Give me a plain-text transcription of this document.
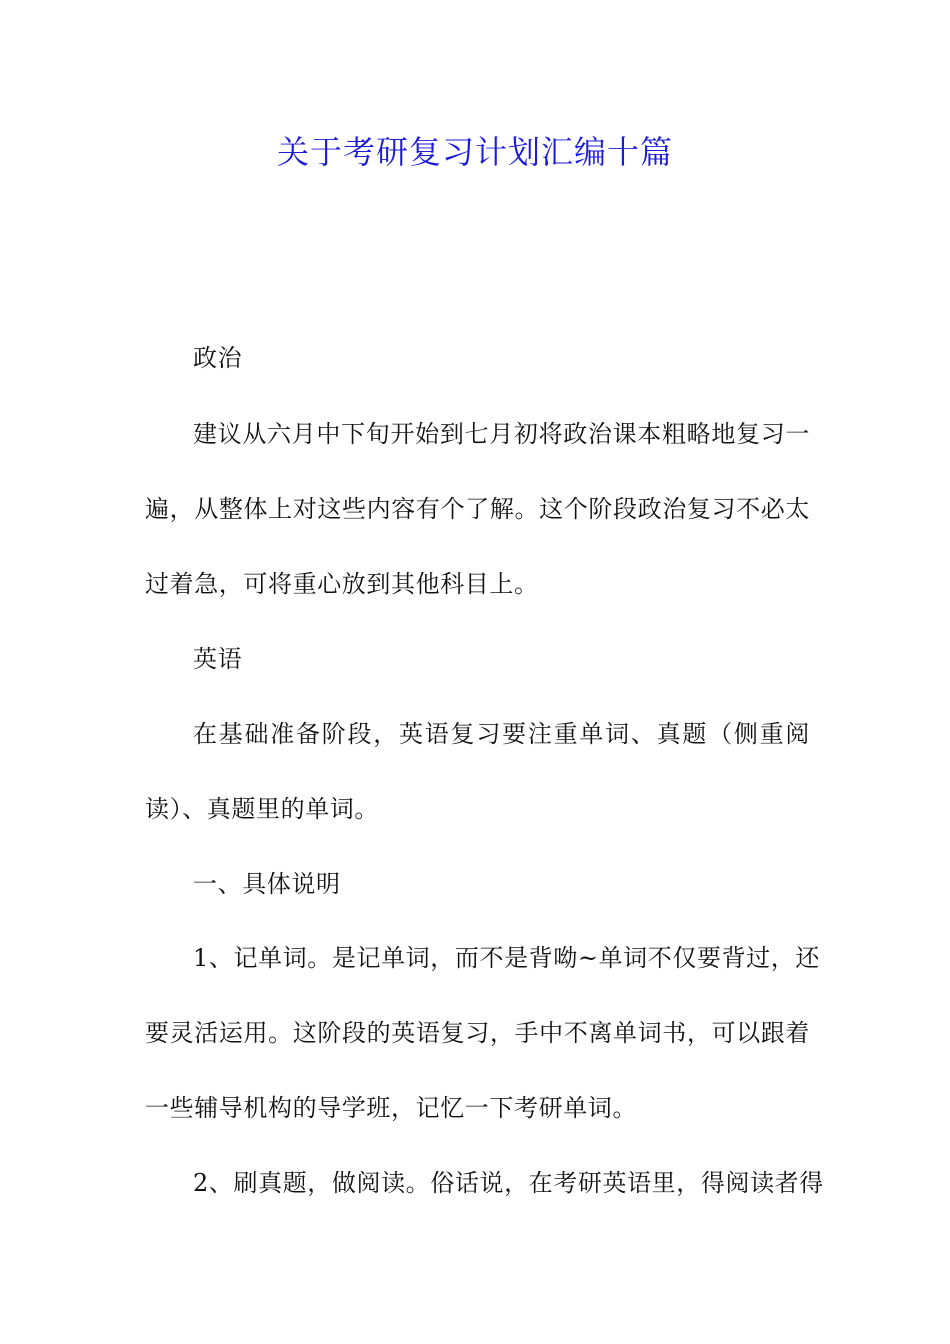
关于考研复习计划汇编十篇
政治
建议从六月中下旬开始到七月初将政治课本粗略地复习一
遍，从整体上对这些内容有个了解。这个阶段政治复习不必太
过着急，可将重心放到其他科目上。
英语
在基础准备阶段，英语复习要注重单词、真题（侧重阅
读）、真题里的单词。
一、具体说明
1、记单词。是记单词，而不是背呦~单词不仅要背过，还
要灵活运用。这阶段的英语复习，手中不离单词书，可以跟着
一些辅导机构的导学班，记忆一下考研单词。
2、刷真题，做阅读。俗话说，在考研英语里，得阅读者得
